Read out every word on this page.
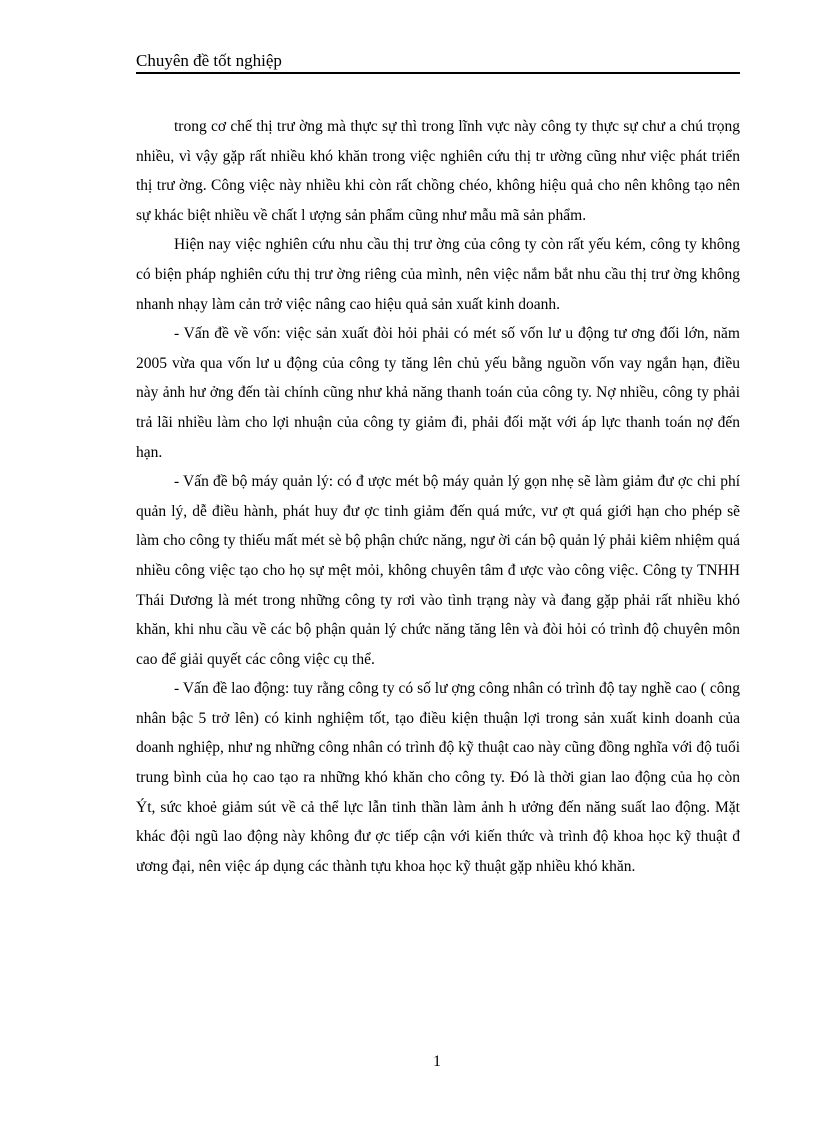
Chuyên đề tốt nghiệp

trong cơ chế thị trư ờng mà thực sự thì trong lĩnh vực này công ty thực sự chư a chú trọng nhiều, vì vậy gặp rất nhiều khó khăn trong việc nghiên cứu thị tr ường cũng như việc phát triển thị trư ờng. Công việc này nhiều khi còn rất chồng chéo, không hiệu quả cho nên không tạo nên sự khác biệt nhiều về chất l ượng sản phẩm cũng như mẫu mã sản phẩm.

Hiện nay việc nghiên cứu nhu cầu thị trư ờng của công ty còn rất yếu kém, công ty không có biện pháp nghiên cứu thị trư ờng riêng của mình, nên việc nắm bắt nhu cầu thị trư ờng không nhanh nhạy làm cản trở việc nâng cao hiệu quả sản xuất kinh doanh.

- Vấn đề về vốn: việc sản xuất đòi hỏi phải có mét số vốn lư u động tư ơng đối lớn, năm 2005 vừa qua vốn lư u động của công ty tăng lên chủ yếu bằng nguồn vốn vay ngắn hạn, điều này ảnh hư ởng đến tài chính cũng như khả năng thanh toán của công ty. Nợ nhiều, công ty phải trả lãi nhiều làm cho lợi nhuận của công ty giảm đi, phải đối mặt với áp lực thanh toán nợ đến hạn.

- Vấn đề bộ máy quản lý: có đ ược mét bộ máy quản lý gọn nhẹ sẽ làm giảm đư ợc chi phí quản lý, dễ điều hành, phát huy đư ợc tinh giảm đến quá mức, vư ợt quá giới hạn cho phép sẽ làm cho công ty thiếu mất mét sè bộ phận chức năng, ngư ời cán bộ quản lý phải kiêm nhiệm quá nhiều công việc tạo cho họ sự mệt mỏi, không chuyên tâm đ ược vào công việc. Công ty TNHH Thái Dương là mét trong những công ty rơi vào tình trạng này và đang gặp phải rất nhiều khó khăn, khi nhu cầu về các bộ phận quản lý chức năng tăng lên và đòi hỏi có trình độ chuyên môn cao để giải quyết các công việc cụ thể.

- Vấn đề lao động: tuy rằng công ty có số lư ợng công nhân có trình độ tay nghề cao ( công nhân bậc 5 trở lên) có kinh nghiệm tốt, tạo điều kiện thuận lợi trong sản xuất kinh doanh của doanh nghiệp, như ng những công nhân có trình độ kỹ thuật cao này cũng đồng nghĩa với độ tuổi trung bình của họ cao tạo ra những khó khăn cho công ty. Đó là thời gian lao động của họ còn Ýt, sức khoẻ giảm sút về cả thể lực lẫn tinh thần làm ảnh h ưởng đến năng suất lao động. Mặt khác đội ngũ lao động này không đư ợc tiếp cận với kiến thức và trình độ khoa học kỹ thuật đ ương đại, nên việc áp dụng các thành tựu khoa học kỹ thuật gặp nhiều khó khăn.

1
